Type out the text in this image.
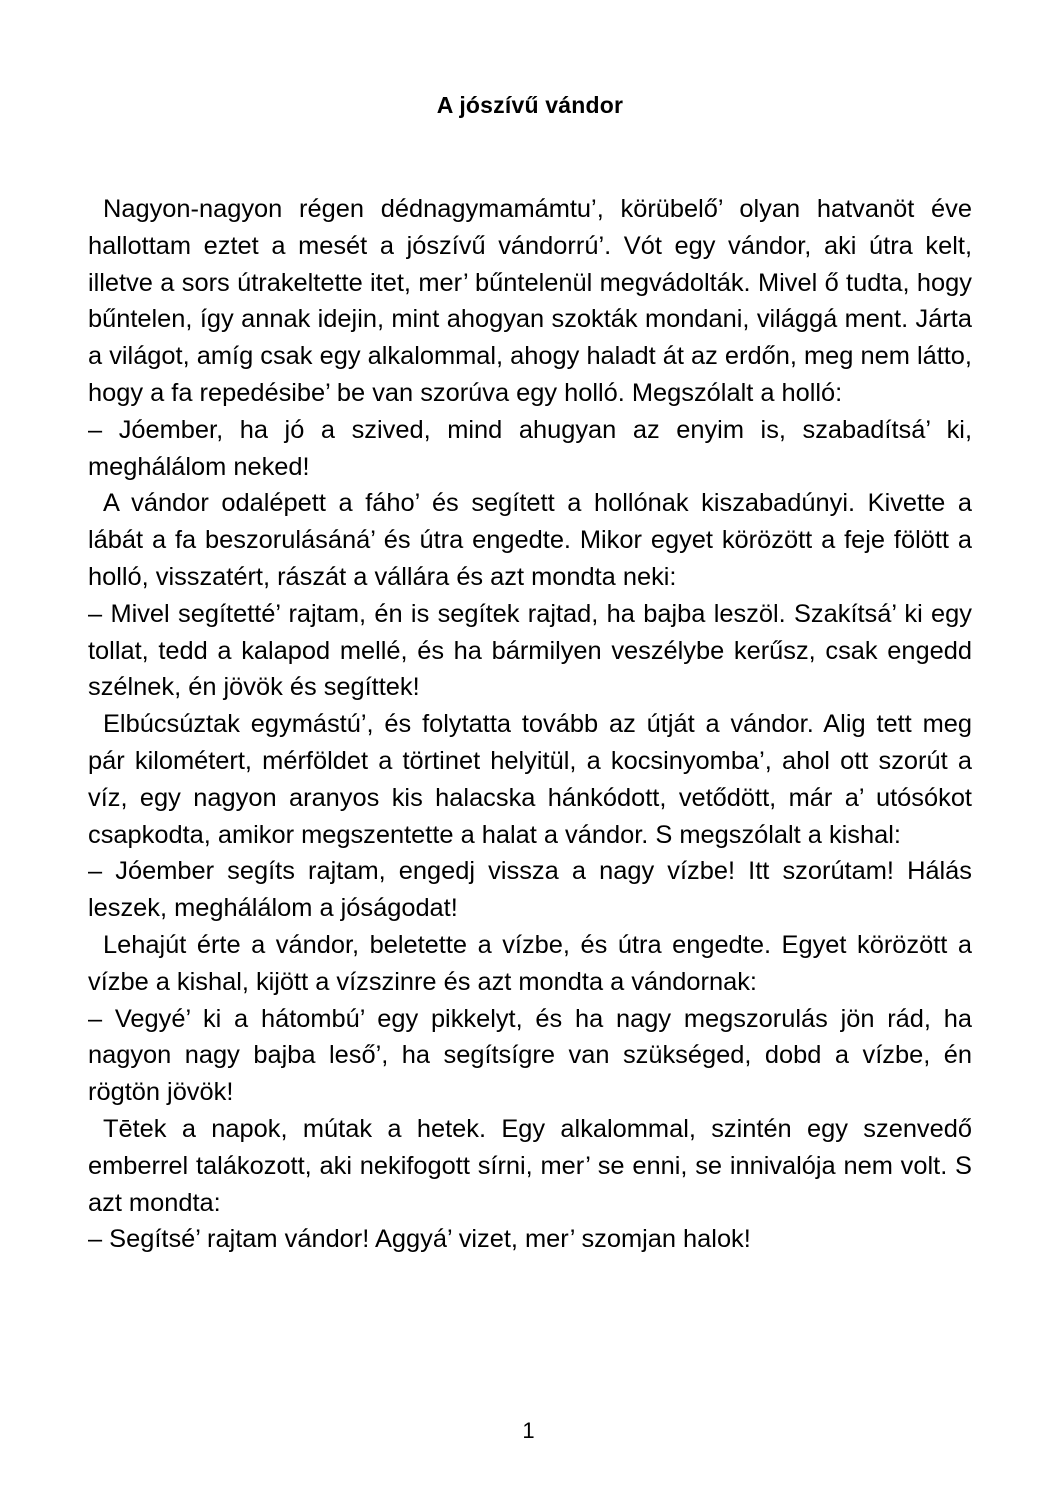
A jószívű vándor

Nagyon-nagyon régen dédnagymamámtu’, körübelő’ olyan hatvanöt éve hallottam eztet a mesét a jószívű vándorrú’. Vót egy vándor, aki útra kelt, illetve a sors útrakeltette itet, mer’ bűntelenül megvádolták. Mivel ő tudta, hogy bűntelen, így annak idejin, mint ahogyan szokták mondani, világgá ment. Járta a világot, amíg csak egy alkalommal, ahogy haladt át az erdőn, meg nem látto, hogy a fa repedésibe’ be van szorúva egy holló. Megszólalt a holló:

– Jóember, ha jó a szived, mind ahugyan az enyim is, szabadítsá’ ki, meghálálom neked!

A vándor odalépett a fáho’ és segített a hollónak kiszabadúnyi. Kivette a lábát a fa beszorulásáná’ és útra engedte. Mikor egyet körözött a feje fölött a holló, visszatért, rászát a vállára és azt mondta neki:

– Mivel segítetté’ rajtam, én is segítek rajtad, ha bajba leszöl. Szakítsá’ ki egy tollat, tedd a kalapod mellé, és ha bármilyen veszélybe kerűsz, csak engedd szélnek, én jövök és segíttek!

Elbúcsúztak egymástú’, és folytatta tovább az útját a vándor. Alig tett meg pár kilométert, mérföldet a törtinet helyitül, a kocsinyomba’, ahol ott szorút a víz, egy nagyon aranyos kis halacska hánkódott, vetődött, már a’ utósókot csapkodta, amikor megszentette a halat a vándor. S megszólalt a kishal:

– Jóember segíts rajtam, engedj vissza a nagy vízbe! Itt szorútam! Hálás leszek, meghálálom a jóságodat!

Lehajút érte a vándor, beletette a vízbe, és útra engedte. Egyet körözött a vízbe a kishal, kijött a vízszinre és azt mondta a vándornak:

– Vegyé’ ki a hátombú’ egy pikkelyt, és ha nagy megszorulás jön rád, ha nagyon nagy bajba leső’, ha segítsígre van szükséged, dobd a vízbe, én rögtön jövök!

Tētek a napok, mútak a hetek. Egy alkalommal, szintén egy szenvedő emberrel talákozott, aki nekifogott sírni, mer’ se enni, se innivalója nem volt. S azt mondta:

– Segítsé’ rajtam vándor! Aggyá’ vizet, mer’ szomjan halok!

1
